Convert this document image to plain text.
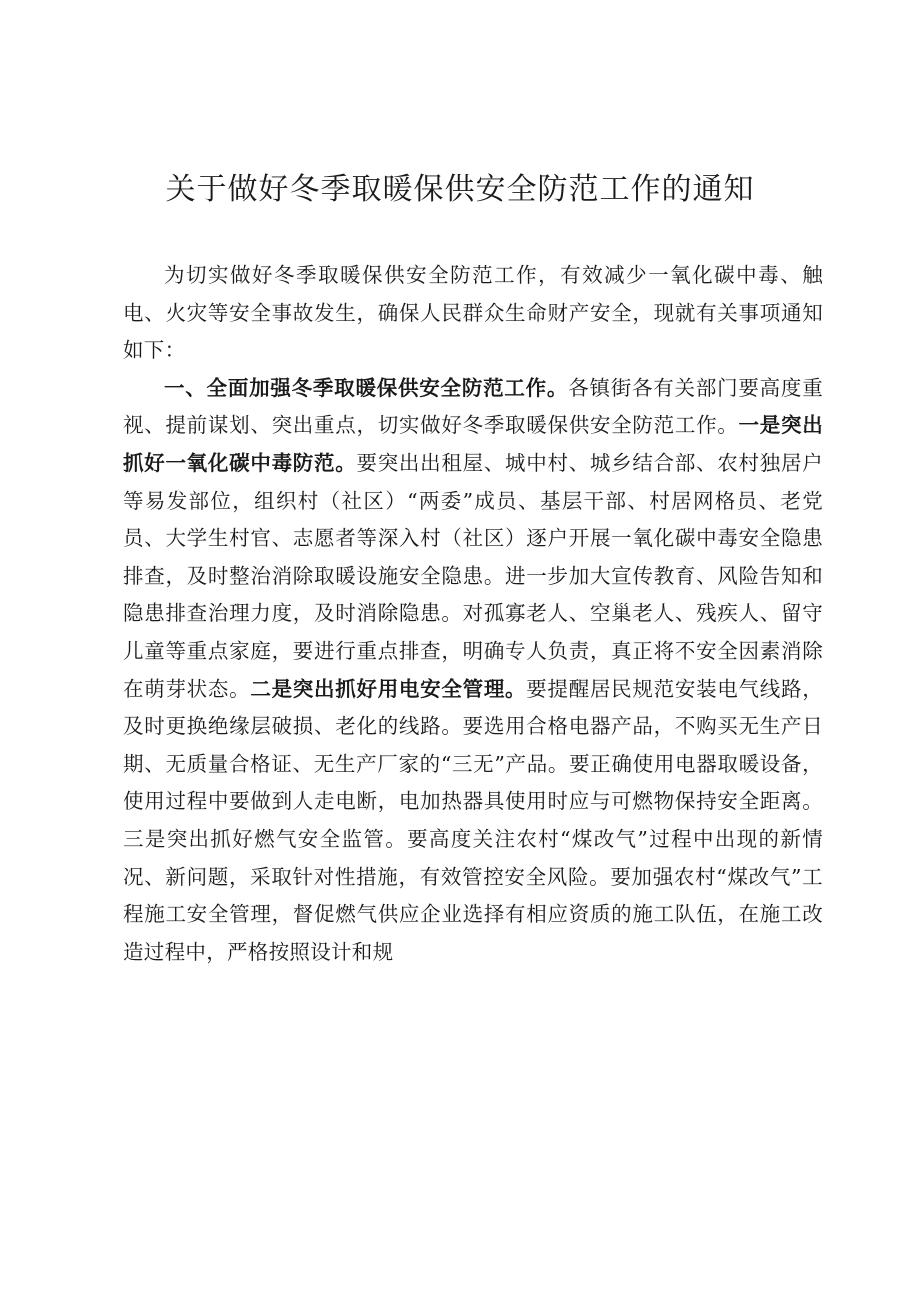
关于做好冬季取暖保供安全防范工作的通知

为切实做好冬季取暖保供安全防范工作，有效减少一氧化碳中毒、触电、火灾等安全事故发生，确保人民群众生命财产安全，现就有关事项通知如下：

一、全面加强冬季取暖保供安全防范工作。各镇街各有关部门要高度重视、提前谋划、突出重点，切实做好冬季取暖保供安全防范工作。一是突出抓好一氧化碳中毒防范。要突出出租屋、城中村、城乡结合部、农村独居户等易发部位，组织村（社区）“两委”成员、基层干部、村居网格员、老党员、大学生村官、志愿者等深入村（社区）逐户开展一氧化碳中毒安全隐患排查，及时整治消除取暖设施安全隐患。进一步加大宣传教育、风险告知和隐患排查治理力度，及时消除隐患。对孤寡老人、空巢老人、残疾人、留守儿童等重点家庭，要进行重点排查，明确专人负责，真正将不安全因素消除在萌芽状态。二是突出抓好用电安全管理。要提醒居民规范安装电气线路，及时更换绝缘层破损、老化的线路。要选用合格电器产品，不购买无生产日期、无质量合格证、无生产厂家的“三无”产品。要正确使用电器取暖设备，使用过程中要做到人走电断，电加热器具使用时应与可燃物保持安全距离。三是突出抓好燃气安全监管。要高度关注农村“煤改气”过程中出现的新情况、新问题，采取针对性措施，有效管控安全风险。要加强农村“煤改气”工程施工安全管理，督促燃气供应企业选择有相应资质的施工队伍，在施工改造过程中，严格按照设计和规
